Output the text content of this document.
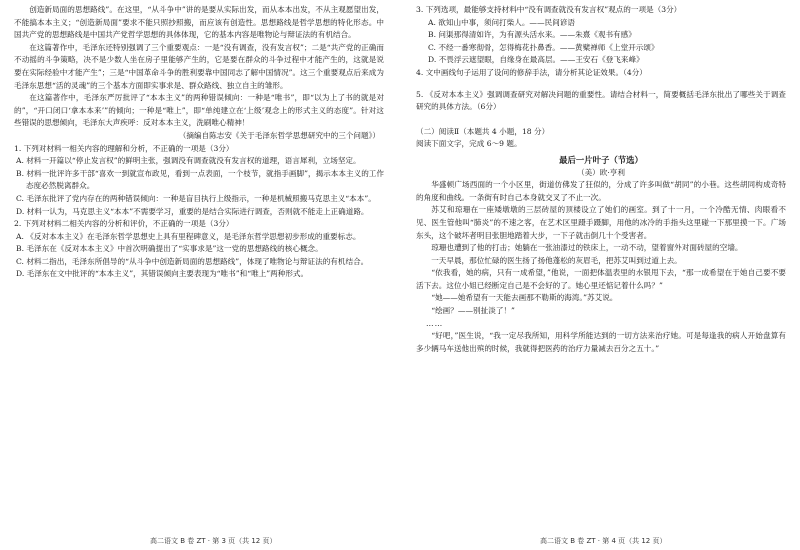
创造新局面的思想路线”。在这里，“从斗争中”讲的是要从实际出发，而从本本出发，不从主观愿望出发，不能搞本本主义；“创造新局面”要求不能只照抄照搬，而应该有创造性。思想路线是哲学思想的特化形态。中国共产党的思想路线是中国共产党哲学思想的具体体现，它的基本内容是唯物论与辩证法的有机结合。

在这篇著作中，毛泽东还特别强调了三个重要观点：一是“没有调查，没有发言权”；二是“共产党的正确而不动摇的斗争策略，决不是少数人坐在房子里能够产生的，它是要在群众的斗争过程中才能产生的，这就是说要在实际经验中才能产生”；三是“中国革命斗争的胜利要靠中国同志了解中国情况”。这三个重要观点后来成为毛泽东思想“活的灵魂”的三个基本方面即实事求是、群众路线、独立自主的雏形。

在这篇著作中，毛泽东严厉批评了“本本主义”的两种错误倾向：一种是“唯书”，即“以为上了书的就是对的”，“开口闭口‘拿本本来’”的倾向；一种是“唯上”，即“单纯建立在‘上级’观念上的形式主义的态度”。针对这些错误的思想倾向，毛泽东大声疾呼：反对本本主义，洗刷唯心精神！

（摘编自陈志安《关于毛泽东哲学思想研究中的三个问题》）

1. 下列对材料一相关内容的理解和分析，不正确的一项是（3分）

A. 材料一开篇以“停止发言权”的鲜明主张，强调没有调查就没有发言权的道理，语言犀利，立场坚定。

B. 材料一批评许多干部“喜欢一到就宣布政见，看到一点表面，一个枝节，就指手画脚”，揭示本本主义的工作态度必然脱离群众。

C. 毛泽东批评了党内存在的两种错误倾向：一种是盲目执行上级指示，一种是机械照搬马克思主义“本本”。

D. 材料一认为，马克思主义“本本”不需要学习，重要的是结合实际进行调查，否则就不能走上正确道路。

2. 下列对材料二相关内容的分析和评价，不正确的一项是（3分）

A. 《反对本本主义》在毛泽东哲学思想史上具有里程碑意义，是毛泽东哲学思想初步形成的重要标志。

B. 毛泽东在《反对本本主义》中首次明确提出了“实事求是”这一党的思想路线的核心概念。

C. 材料二指出，毛泽东所倡导的“从斗争中创造新局面的思想路线”，体现了唯物论与辩证法的有机结合。

D. 毛泽东在文中批评的“本本主义”，其错误倾向主要表现为“唯书”和“唯上”两种形式。

3. 下列选项，最能够支持材料中“没有调查就没有发言权”观点的一项是（3分）

A. 欲知山中事，须问打柴人。——民间谚语

B. 问渠那得清如许，为有源头活水来。——朱熹《观书有感》

C. 不经一番寒彻骨，怎得梅花扑鼻香。——黄檗禅师《上堂开示颂》

D. 不畏浮云遮望眼，自缘身在最高层。——王安石《登飞来峰》

4. 文中画线句子运用了设问的修辞手法，请分析其论证效果。（4分）

5. 《反对本本主义》强调调查研究对解决问题的重要性。请结合材料一，简要概括毛泽东批出了哪些关于调查研究的具体方法。（6分）

（二）阅读Ⅱ（本题共 4 小题，18 分）

阅读下面文字，完成 6～9 题。

最后一片叶子（节选）

（美）欧·亨利

华盛顿广场西面的一个小区里，街道仿佛发了狂似的，分成了许多叫做“胡同”的小巷。这些胡同构成奇特的角度和曲线。一条街有时自己本身就交叉了不止一次。

苏艾和琼珊在一座矮墩墩的三层砖屋的顶楼设立了她们的画室。到了十一月，一个冷酷无情、肉眼看不见、医生管他叫“肺炎”的不速之客，在艺术区里蹑手蹑脚，用他的冰冷的手指头这里碰一下那里摸一下。广场东头，这个破坏者明目张胆地踏着大步，一下子就击倒几十个受害者。

琼珊也遭到了他的打击；她躺在一张油漆过的铁床上，一动不动，望着窗外对面砖屋的空墙。

一天早晨，那位忙碌的医生扬了扬他蓬松的灰眉毛，把苏艾叫到过道上去。

“依我看，她的病，只有一成希望，”他说，一面把体温表里的水银甩下去，“那一成希望在于她自己要不要活下去。这位小姐已经断定自己是不会好的了。她心里还惦记着什么吗？”

“她——她希望有一天能去画那不勒斯的海湾。”苏艾说。

“绘画？——别扯淡了！”

……

“好吧，”医生说，“我一定尽我所知，用科学所能达到的一切方法来治疗她。可是每逢我的病人开始盘算有多少辆马车送他出殡的时候，我就得把医药的治疗力量减去百分之五十。”

高二语文 B 卷 ZT · 第 3 页（共 12 页）	高二语文 B 卷 ZT · 第 4 页（共 12 页）
